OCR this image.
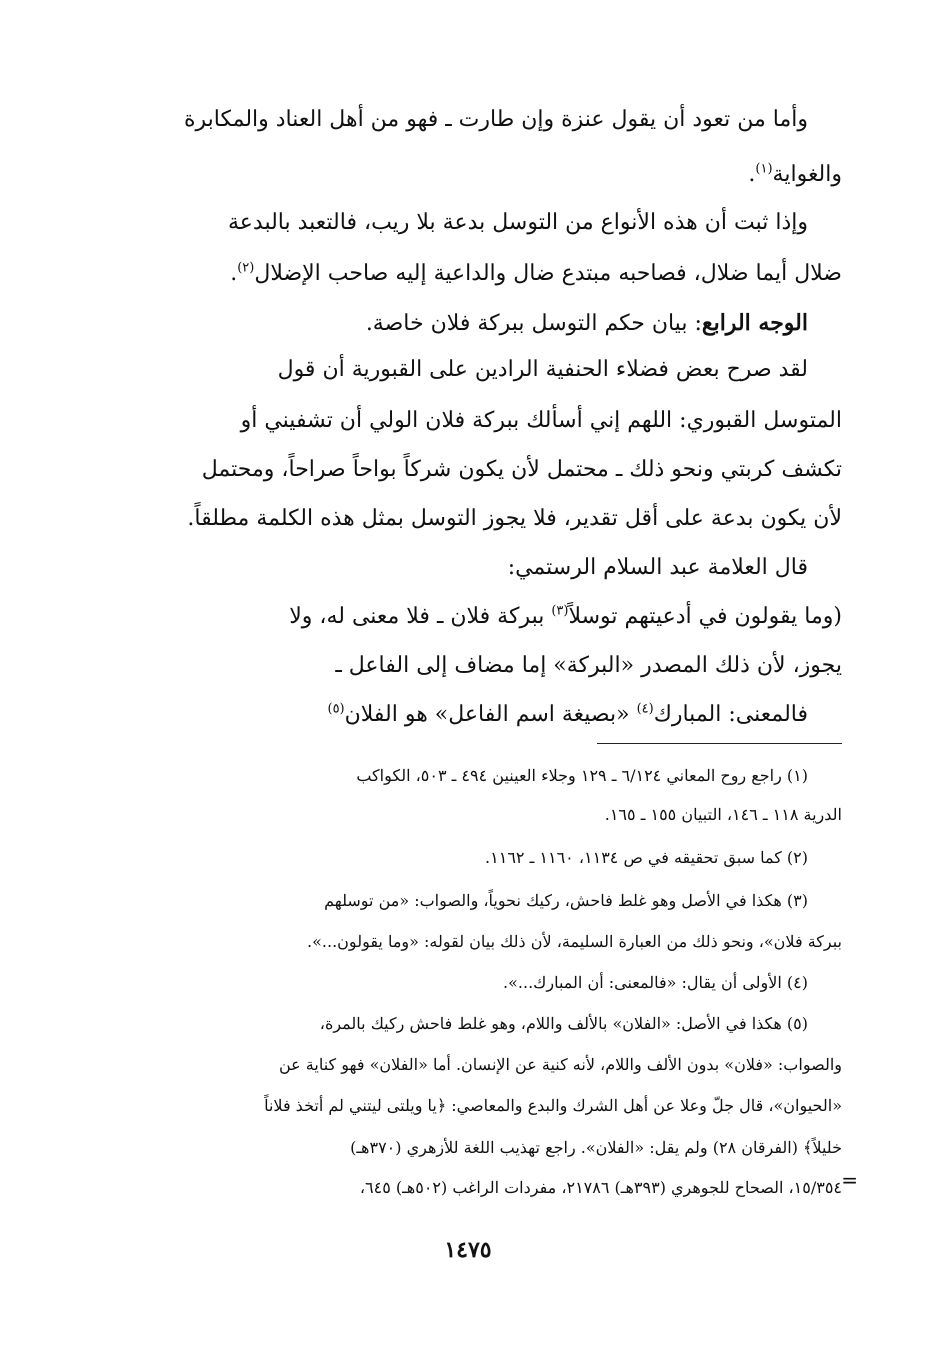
وأما من تعود أن يقول عنزة وإن طارت ـ فهو من أهل العناد والمكابرة
والغواية$^{(١)}$.
وإذا ثبت أن هذه الأنواع من التوسل بدعة بلا ريب، فالتعبد بالبدعة
ضلال أيما ضلال، فصاحبه مبتدع ضال والداعية إليه صاحب الإضلال$^{(٢)}$.
الوجه الرابع: بيان حكم التوسل ببركة فلان خاصة.
لقد صرح بعض فضلاء الحنفية الرادين على القبورية أن قول
المتوسل القبوري: اللهم إني أسألك ببركة فلان الولي أن تشفيني أو
تكشف كربتي ونحو ذلك ـ محتمل لأن يكون شركاً بواحاً صراحاً، ومحتمل
لأن يكون بدعة على أقل تقدير، فلا يجوز التوسل بمثل هذه الكلمة مطلقاً.
قال العلامة عبد السلام الرستمي:
(وما يقولون في أدعيتهم توسلاً$^{(٣)}$ ببركة فلان ـ فلا معنى له، ولا
يجوز، لأن ذلك المصدر «البركة» إما مضاف إلى الفاعل ـ
فالمعنى: المبارك$^{(٤)}$ «بصيغة اسم الفاعل» هو الفلان$^{(٥)}$
(١) راجع روح المعاني ٦/١٢٤ ـ ١٢٩ وجلاء العينين ٤٩٤ ـ ٥٠٣، الكواكب
الدرية ١١٨ ـ ١٤٦، التبيان ١٥٥ ـ ١٦٥.
(٢) كما سبق تحقيقه في ص ١١٣٤، ١١٦٠ ـ ١١٦٢.
(٣) هكذا في الأصل وهو غلط فاحش، ركيك نحوياً، والصواب: «من توسلهم
ببركة فلان»، ونحو ذلك من العبارة السليمة، لأن ذلك بيان لقوله: «وما يقولون...».
(٤) الأولى أن يقال: «فالمعنى: أن المبارك...».
(٥) هكذا في الأصل: «الفلان» بالألف واللام، وهو غلط فاحش ركيك بالمرة،
والصواب: «فلان» بدون الألف واللام، لأنه كنية عن الإنسان. أما «الفلان» فهو كناية عن
«الحيوان»، قال جلّ وعلا عن أهل الشرك والبدع والمعاصي: ﴿يا ويلتى ليتني لم أتخذ فلاناً
خليلاً﴾ (الفرقان ٢٨) ولم يقل: «الفلان». راجع تهذيب اللغة للأزهري (٣٧٠هـ)
١٥/٣٥٤، الصحاح للجوهري (٣٩٣هـ) ٢١٧٨٦، مفردات الراغب (٥٠٢هـ) ٦٤٥، =
١٤٧٥
